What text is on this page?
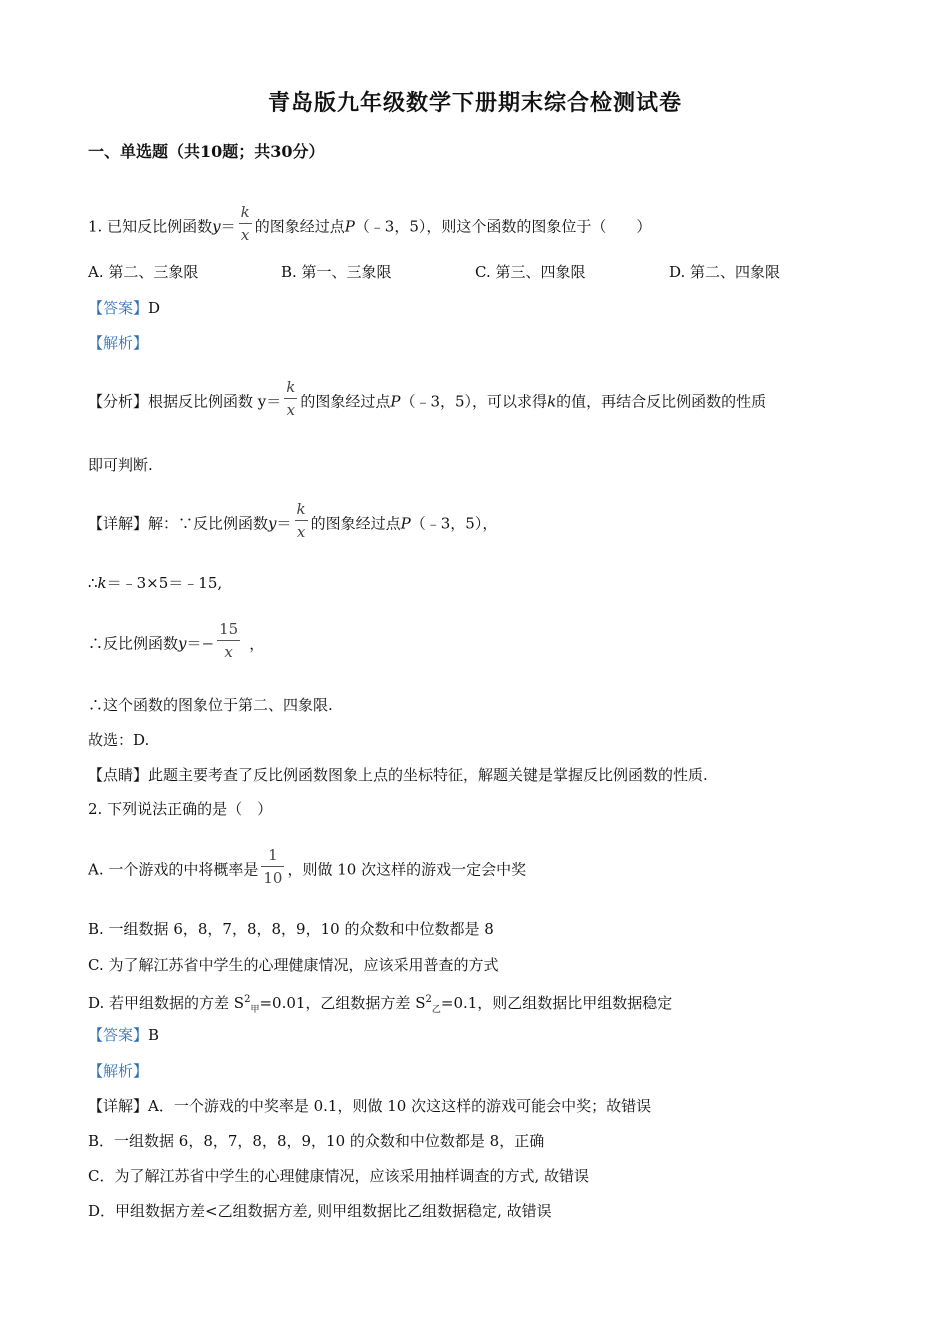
青岛版九年级数学下册期末综合检测试卷
一、单选题（共10题；共30分）
1. 已知反比例函数$y= \frac{k}{x}$ 的图象经过点P（﹣3，5），则这个函数的图象位于（　　）
A. 第二、三象限	B. 第一、三象限	C. 第三、四象限	D. 第二、四象限
【答案】D
【解析】
【分析】根据反比例函数 $y= \frac{k}{x}$ 的图象经过点P（﹣3，5），可以求得k的值，再结合反比例函数的性质
即可判断.
【详解】解：∵反比例函数$y= \frac{k}{x}$ 的图象经过点P（﹣3，5），
∴k＝﹣3×5＝﹣15,
∴反比例函数$y=- \frac{15}{x}$ ，
∴这个函数的图象位于第二、四象限.
故选：D.
【点睛】此题主要考查了反比例函数图象上点的坐标特征，解题关键是掌握反比例函数的性质.
2. 下列说法正确的是（　）
A. 一个游戏的中将概率是 $\frac{1}{10}$ ，则做 10 次这样的游戏一定会中奖
B. 一组数据 6，8，7，8，8，9，10 的众数和中位数都是 8
C. 为了解江苏省中学生的心理健康情况，应该采用普查的方式
D. 若甲组数据的方差 $S^2_甲=0.01$，乙组数据方差 $S^2_乙=0.1$，则乙组数据比甲组数据稳定
【答案】B
【解析】
【详解】A．一个游戏的中奖率是 0.1，则做 10 次这这样的游戏可能会中奖；故错误
B．一组数据 6，8，7，8，8，9，10 的众数和中位数都是 8，正确
C．为了解江苏省中学生的心理健康情况，应该采用抽样调查的方式, 故错误
D．甲组数据方差<乙组数据方差, 则甲组数据比乙组数据稳定, 故错误
